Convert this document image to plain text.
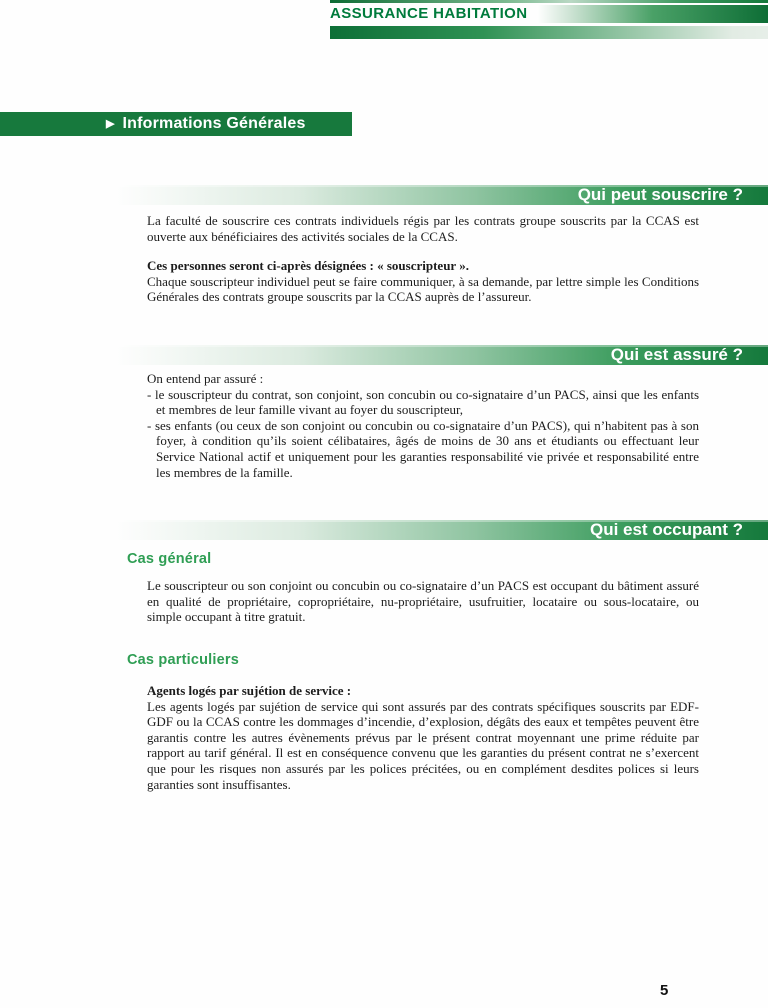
ASSURANCE HABITATION
▶ Informations Générales
Qui peut souscrire ?

La faculté de souscrire ces contrats individuels régis par les contrats groupe souscrits par la CCAS est ouverte aux bénéficiaires des activités sociales de la CCAS.

Ces personnes seront ci-après désignées : « souscripteur ».

Chaque souscripteur individuel peut se faire communiquer, à sa demande, par lettre simple les Conditions Générales des contrats groupe souscrits par la CCAS auprès de l’assureur.

Qui est assuré ?

On entend par assuré :

- le souscripteur du contrat, son conjoint, son concubin ou co-signataire d’un PACS, ainsi que les enfants et membres de leur famille vivant au foyer du souscripteur,

- ses enfants (ou ceux de son conjoint ou concubin ou co-signataire d’un PACS), qui n’habitent pas à son foyer, à condition qu’ils soient célibataires, âgés de moins de 30 ans et étudiants ou effectuant leur Service National actif et uniquement pour les garanties responsabilité vie privée et responsabilité entre les membres de la famille.

Qui est occupant ?
Cas général

Le souscripteur ou son conjoint ou concubin ou co-signataire d’un PACS est occupant du bâtiment assuré en qualité de propriétaire, copropriétaire, nu-propriétaire, usufruitier, locataire ou sous-locataire, ou simple occupant à titre gratuit.

Cas particuliers

Agents logés par sujétion de service :

Les agents logés par sujétion de service qui sont assurés par des contrats spécifiques souscrits par EDF-GDF ou la CCAS contre les dommages d’incendie, d’explosion, dégâts des eaux et tempêtes peuvent être garantis contre les autres évènements prévus par le présent contrat moyennant une prime réduite par rapport au tarif général. Il est en conséquence convenu que les garanties du présent contrat ne s’exercent que pour les risques non assurés par les polices précitées, ou en complément desdites polices si leurs garanties sont insuffisantes.

5
